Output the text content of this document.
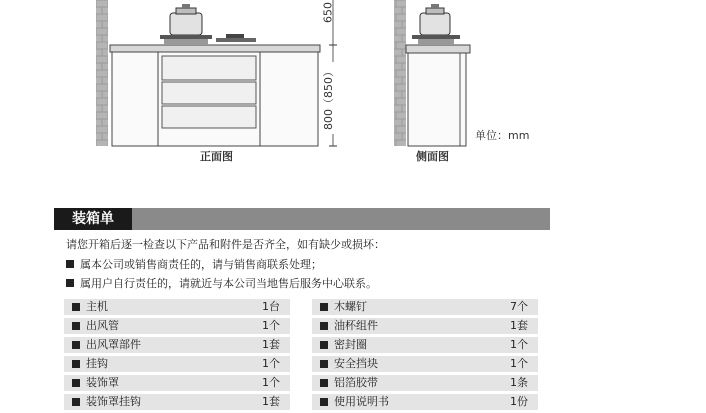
650
800（850）
正面图	侧面图
单位：mm
装箱单
请您开箱后逐一检查以下产品和附件是否齐全，如有缺少或损坏：
属本公司或销售商责任的，请与销售商联系处理；
属用户自行责任的，请就近与本公司当地售后服务中心联系。
主机	1台
出风管	1个
出风罩部件	1套
挂钩	1个
装饰罩	1个
装饰罩挂钩	1套
木螺钉	7个
油杯组件	1套
密封圈	1个
安全挡块	1个
铝箔胶带	1条
使用说明书	1份
